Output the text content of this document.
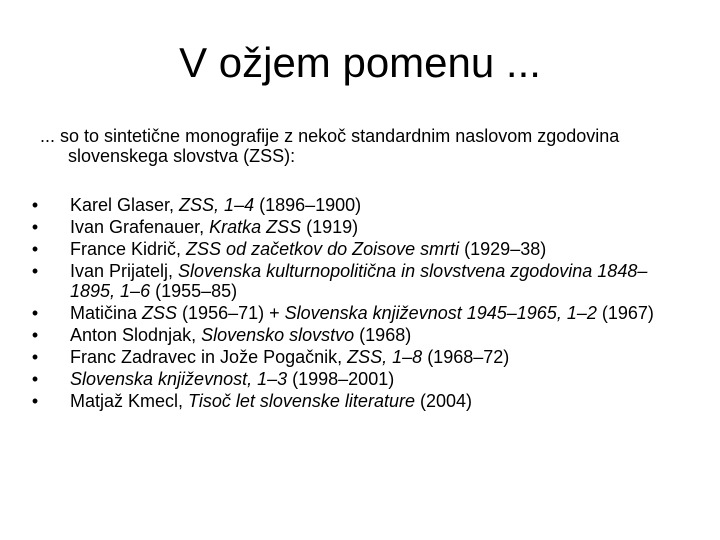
V ožjem pomenu ...
... so to sintetične monografije z nekoč standardnim naslovom zgodovina slovenskega slovstva (ZSS):
• Karel Glaser, ZSS, 1–4 (1896–1900)
• Ivan Grafenauer, Kratka ZSS (1919)
• France Kidrič, ZSS od začetkov do Zoisove smrti (1929–38)
• Ivan Prijatelj, Slovenska kulturnopolitična in slovstvena zgodovina 1848–1895, 1–6 (1955–85)
• Matičina ZSS (1956–71) + Slovenska književnost 1945–1965, 1–2 (1967)
• Anton Slodnjak, Slovensko slovstvo (1968)
• Franc Zadravec in Jože Pogačnik, ZSS, 1–8 (1968–72)
• Slovenska književnost, 1–3 (1998–2001)
• Matjaž Kmecl, Tisoč let slovenske literature (2004)
